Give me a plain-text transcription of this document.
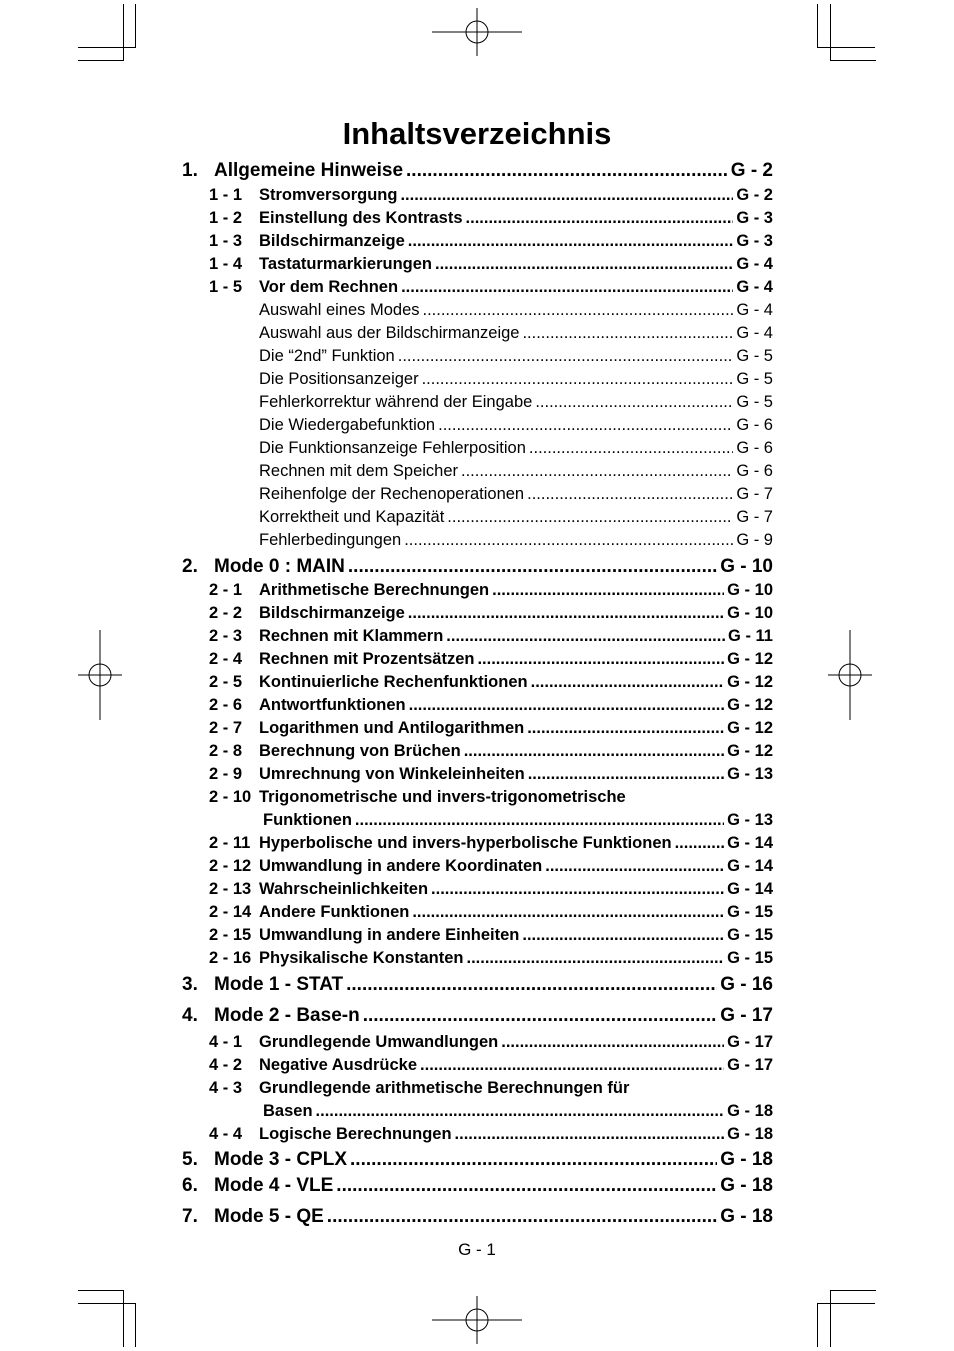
Inhaltsverzeichnis
1. Allgemeine Hinweise .....	G - 2
1 - 1	Stromversorgung .....	G - 2
1 - 2	Einstellung des Kontrasts .....	G - 3
1 - 3	Bildschirmanzeige .....	G - 3
1 - 4	Tastaturmarkierungen .....	G - 4
1 - 5	Vor dem Rechnen .....	G - 4
Auswahl eines Modes .....	G - 4
Auswahl aus der Bildschirmanzeige .....	G - 4
Die “2nd” Funktion .....	G - 5
Die Positionsanzeiger .....	G - 5
Fehlerkorrektur während der Eingabe .....	G - 5
Die Wiedergabefunktion .....	G - 6
Die Funktionsanzeige Fehlerposition .....	G - 6
Rechnen mit dem Speicher .....	G - 6
Reihenfolge der Rechenoperationen .....	G - 7
Korrektheit und Kapazität .....	G - 7
Fehlerbedingungen .....	G - 9
2. Mode 0 : MAIN .....	G - 10
2 - 1	Arithmetische Berechnungen .....	G - 10
2 - 2	Bildschirmanzeige .....	G - 10
2 - 3	Rechnen mit Klammern .....	G - 11
2 - 4	Rechnen mit Prozentsätzen .....	G - 12
2 - 5	Kontinuierliche Rechenfunktionen .....	G - 12
2 - 6	Antwortfunktionen .....	G - 12
2 - 7	Logarithmen und Antilogarithmen .....	G - 12
2 - 8	Berechnung von Brüchen .....	G - 12
2 - 9	Umrechnung von Winkeleinheiten .....	G - 13
2 - 10 Trigonometrische und invers-trigonometrische
Funktionen .....	G - 13
2 - 11 Hyperbolische und invers-hyperbolische Funktionen .....	G - 14
2 - 12 Umwandlung in andere Koordinaten .....	G - 14
2 - 13 Wahrscheinlichkeiten .....	G - 14
2 - 14 Andere Funktionen .....	G - 15
2 - 15 Umwandlung in andere Einheiten .....	G - 15
2 - 16 Physikalische Konstanten .....	G - 15
3. Mode 1 - STAT .....	G - 16
4. Mode 2 - Base-n .....	G - 17
4 - 1	Grundlegende Umwandlungen .....	G - 17
4 - 2	Negative Ausdrücke .....	G - 17
4 - 3	Grundlegende arithmetische Berechnungen für
Basen .....	G - 18
4 - 4	Logische Berechnungen .....	G - 18
5. Mode 3 - CPLX .....	G - 18
6. Mode 4 - VLE .....	G - 18
7. Mode 5 - QE .....	G - 18
G - 1
